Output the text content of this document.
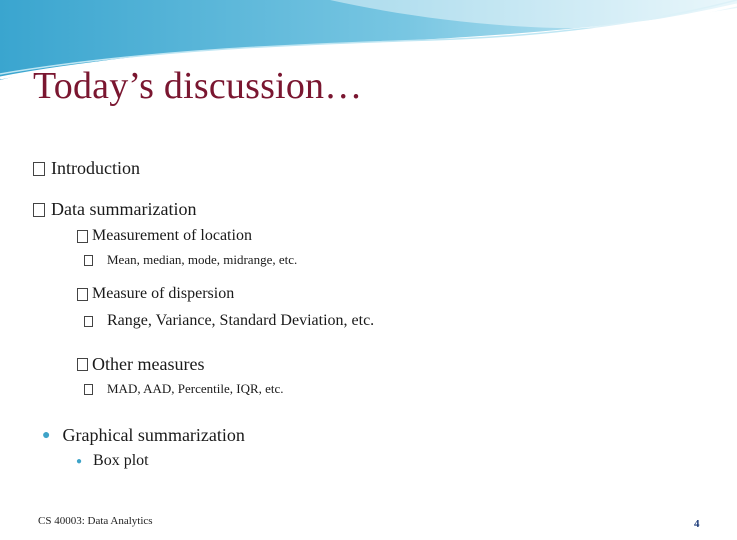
Today’s discussion…
Introduction
Data summarization
Measurement of location
Mean, median, mode, midrange, etc.
Measure of dispersion
Range, Variance, Standard Deviation, etc.
Other measures
MAD, AAD, Percentile, IQR, etc.
● Graphical summarization
● Box plot
CS 40003: Data Analytics	4
